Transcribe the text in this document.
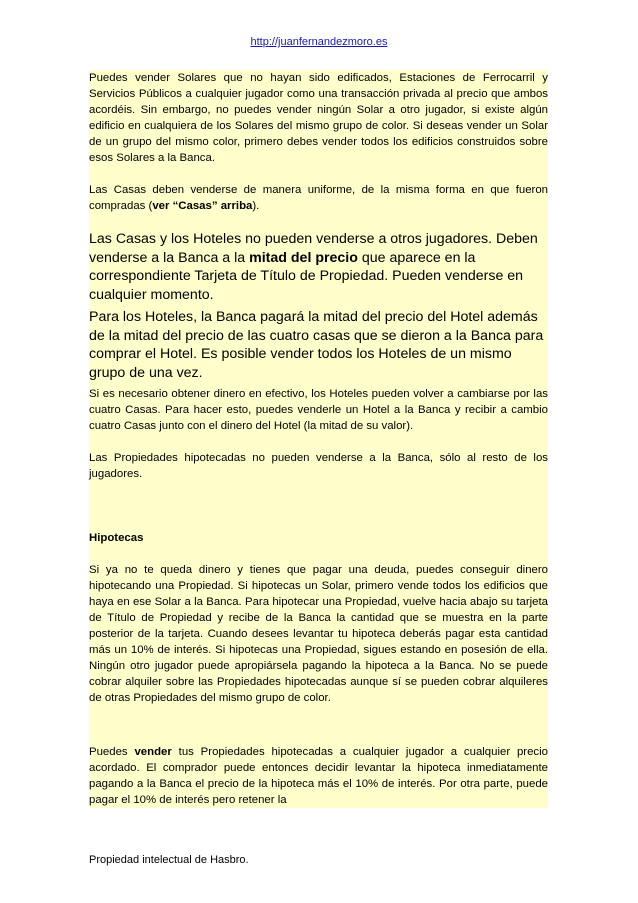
http://juanfernandezmoro.es

Puedes vender Solares que no hayan sido edificados, Estaciones de Ferrocarril y Servicios Públicos a cualquier jugador como una transacción privada al precio que ambos acordéis. Sin embargo, no puedes vender ningún Solar a otro jugador, si existe algún edificio en cualquiera de los Solares del mismo grupo de color. Si deseas vender un Solar de un grupo del mismo color, primero debes vender todos los edificios construidos sobre esos Solares a la Banca.

Las Casas deben venderse de manera uniforme, de la misma forma en que fueron compradas (ver “Casas” arriba).

Las Casas y los Hoteles no pueden venderse a otros jugadores. Deben venderse a la Banca a la mitad del precio que aparece en la correspondiente Tarjeta de Título de Propiedad. Pueden venderse en cualquier momento.

Para los Hoteles, la Banca pagará la mitad del precio del Hotel además de la mitad del precio de las cuatro casas que se dieron a la Banca para comprar el Hotel. Es posible vender todos los Hoteles de un mismo grupo de una vez.

Si es necesario obtener dinero en efectivo, los Hoteles pueden volver a cambiarse por las cuatro Casas. Para hacer esto, puedes venderle un Hotel a la Banca y recibir a cambio cuatro Casas junto con el dinero del Hotel (la mitad de su valor).

Las Propiedades hipotecadas no pueden venderse a la Banca, sólo al resto de los jugadores.

Hipotecas

Si ya no te queda dinero y tienes que pagar una deuda, puedes conseguir dinero hipotecando una Propiedad. Si hipotecas un Solar, primero vende todos los edificios que haya en ese Solar a la Banca. Para hipotecar una Propiedad, vuelve hacia abajo su tarjeta de Título de Propiedad y recibe de la Banca la cantidad que se muestra en la parte posterior de la tarjeta. Cuando desees levantar tu hipoteca deberás pagar esta cantidad más un 10% de interés. Si hipotecas una Propiedad, sigues estando en posesión de ella. Ningún otro jugador puede apropiársela pagando la hipoteca a la Banca. No se puede cobrar alquiler sobre las Propiedades hipotecadas aunque sí se pueden cobrar alquileres de otras Propiedades del mismo grupo de color.

Puedes vender tus Propiedades hipotecadas a cualquier jugador a cualquier precio acordado. El comprador puede entonces decidir levantar la hipoteca inmediatamente pagando a la Banca el precio de la hipoteca más el 10% de interés. Por otra parte, puede pagar el 10% de interés pero retener la

Propiedad intelectual de Hasbro.
